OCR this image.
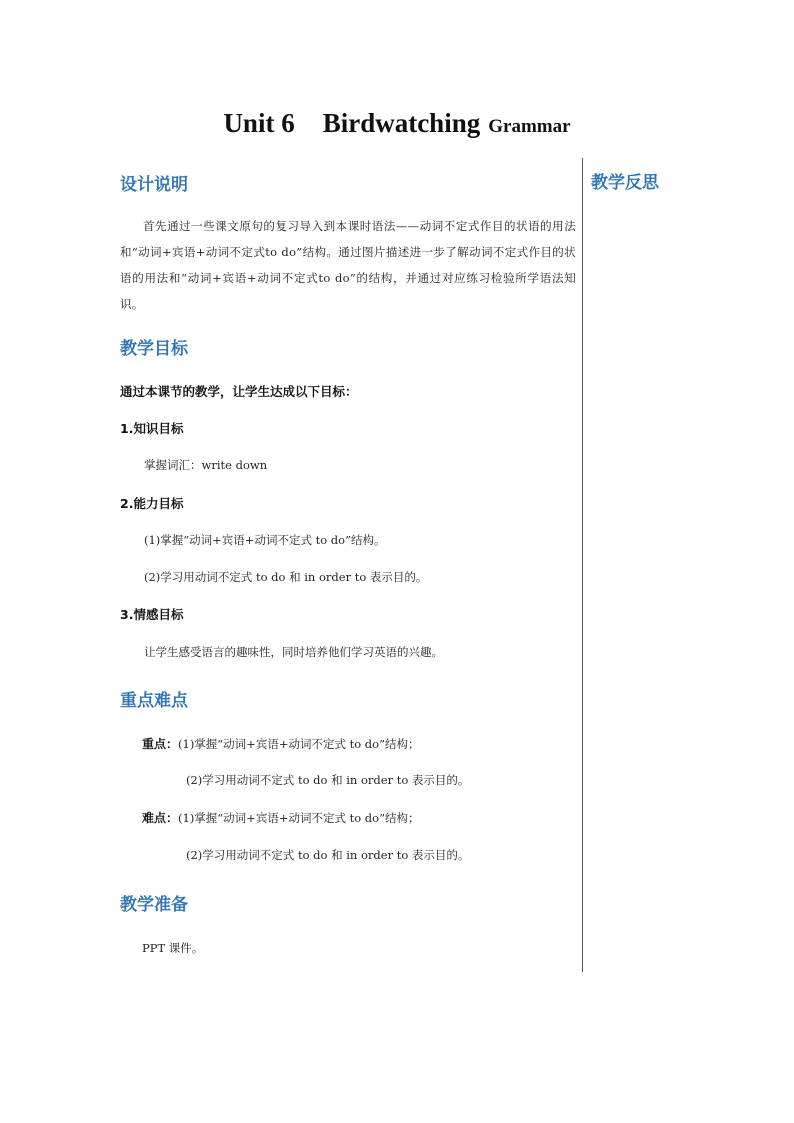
Unit 6 Birdwatching Grammar
设计说明
首先通过一些课文原句的复习导入到本课时语法——动词不定式作目的状语的用法和“动词+宾语+动词不定式to do”结构。通过图片描述进一步了解动词不定式作目的状语的用法和“动词+宾语+动词不定式to do”的结构，并通过对应练习检验所学语法知识。
教学目标
通过本课节的教学，让学生达成以下目标：
1.知识目标
掌握词汇：write down
2.能力目标
(1)掌握“动词+宾语+动词不定式 to do”结构。
(2)学习用动词不定式 to do 和 in order to 表示目的。
3.情感目标
让学生感受语言的趣味性，同时培养他们学习英语的兴趣。
重点难点
重点：(1)掌握“动词+宾语+动词不定式 to do”结构；
(2)学习用动词不定式 to do 和 in order to 表示目的。
难点：(1)掌握“动词+宾语+动词不定式 to do”结构；
(2)学习用动词不定式 to do 和 in order to 表示目的。
教学准备
PPT 课件。
教学反思
